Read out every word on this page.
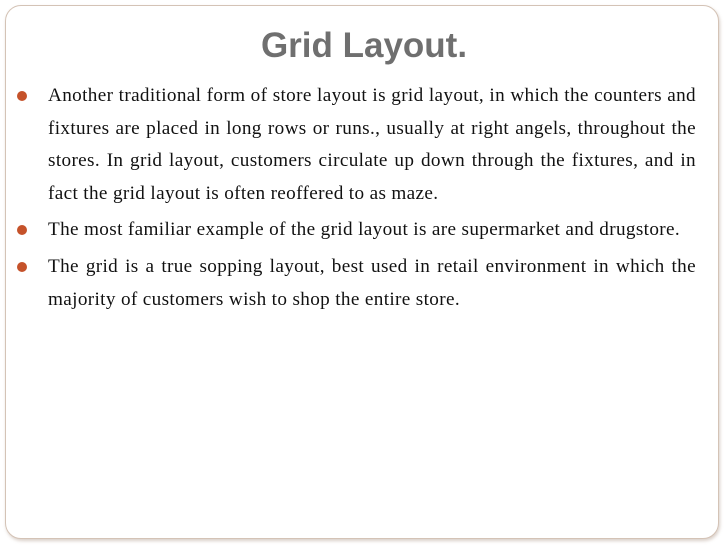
Grid Layout.
Another traditional form of store layout is grid layout, in which the counters and fixtures are placed in long rows or runs., usually at right angels, throughout the stores. In grid layout, customers circulate up down through the fixtures, and in fact the grid layout is often reoffered to as maze.
The most familiar example of the grid layout is are supermarket and drugstore.
The grid is a true sopping layout, best used in retail environment in which the majority of customers wish to shop the entire store.
